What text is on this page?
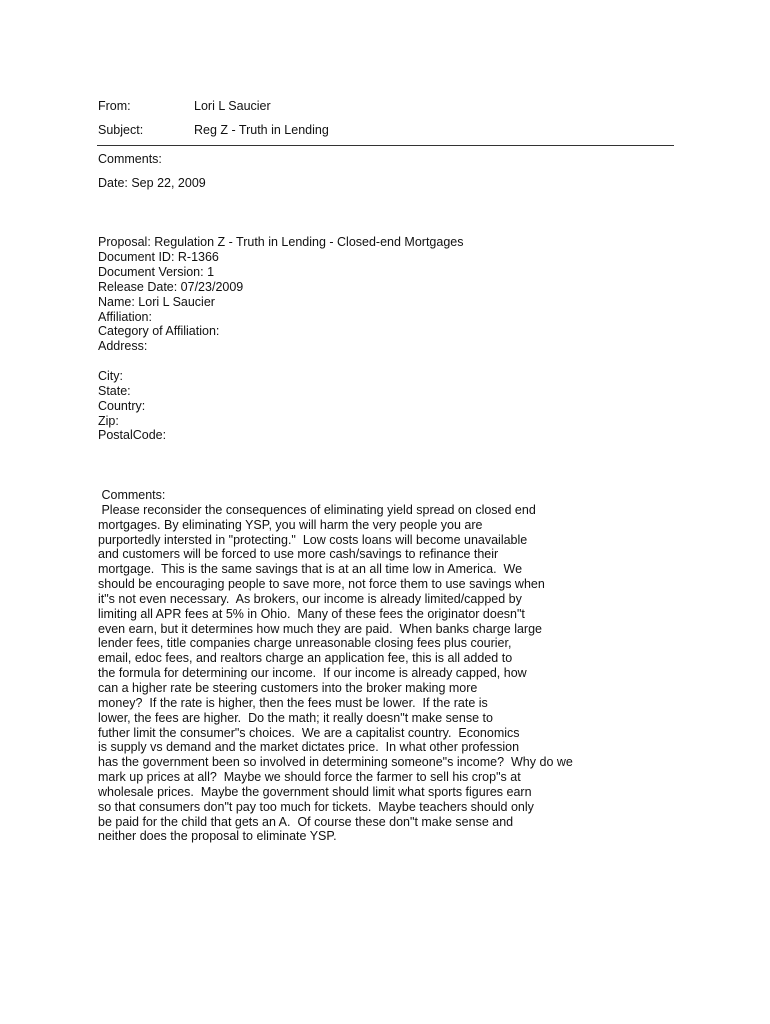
From:	Lori L Saucier
Subject:	Reg Z - Truth in Lending
Comments:
Date: Sep 22, 2009
Proposal: Regulation Z - Truth in Lending - Closed-end Mortgages
Document ID: R-1366
Document Version: 1
Release Date: 07/23/2009
Name: Lori L Saucier
Affiliation:
Category of Affiliation:
Address:
City:
State:
Country:
Zip:
PostalCode:
Comments:
Please reconsider the consequences of eliminating yield spread on closed end
mortgages. By eliminating YSP, you will harm the very people you are
purportedly intersted in "protecting."  Low costs loans will become unavailable
and customers will be forced to use more cash/savings to refinance their
mortgage.  This is the same savings that is at an all time low in America.  We
should be encouraging people to save more, not force them to use savings when
it"s not even necessary.  As brokers, our income is already limited/capped by
limiting all APR fees at 5% in Ohio.  Many of these fees the originator doesn"t
even earn, but it determines how much they are paid.  When banks charge large
lender fees, title companies charge unreasonable closing fees plus courier,
email, edoc fees, and realtors charge an application fee, this is all added to
the formula for determining our income.  If our income is already capped, how
can a higher rate be steering customers into the broker making more
money?  If the rate is higher, then the fees must be lower.  If the rate is
lower, the fees are higher.  Do the math; it really doesn"t make sense to
futher limit the consumer"s choices.  We are a capitalist country.  Economics
is supply vs demand and the market dictates price.  In what other profession
has the government been so involved in determining someone"s income?  Why do we
mark up prices at all?  Maybe we should force the farmer to sell his crop"s at
wholesale prices.  Maybe the government should limit what sports figures earn
so that consumers don"t pay too much for tickets.  Maybe teachers should only
be paid for the child that gets an A.  Of course these don"t make sense and
neither does the proposal to eliminate YSP.
